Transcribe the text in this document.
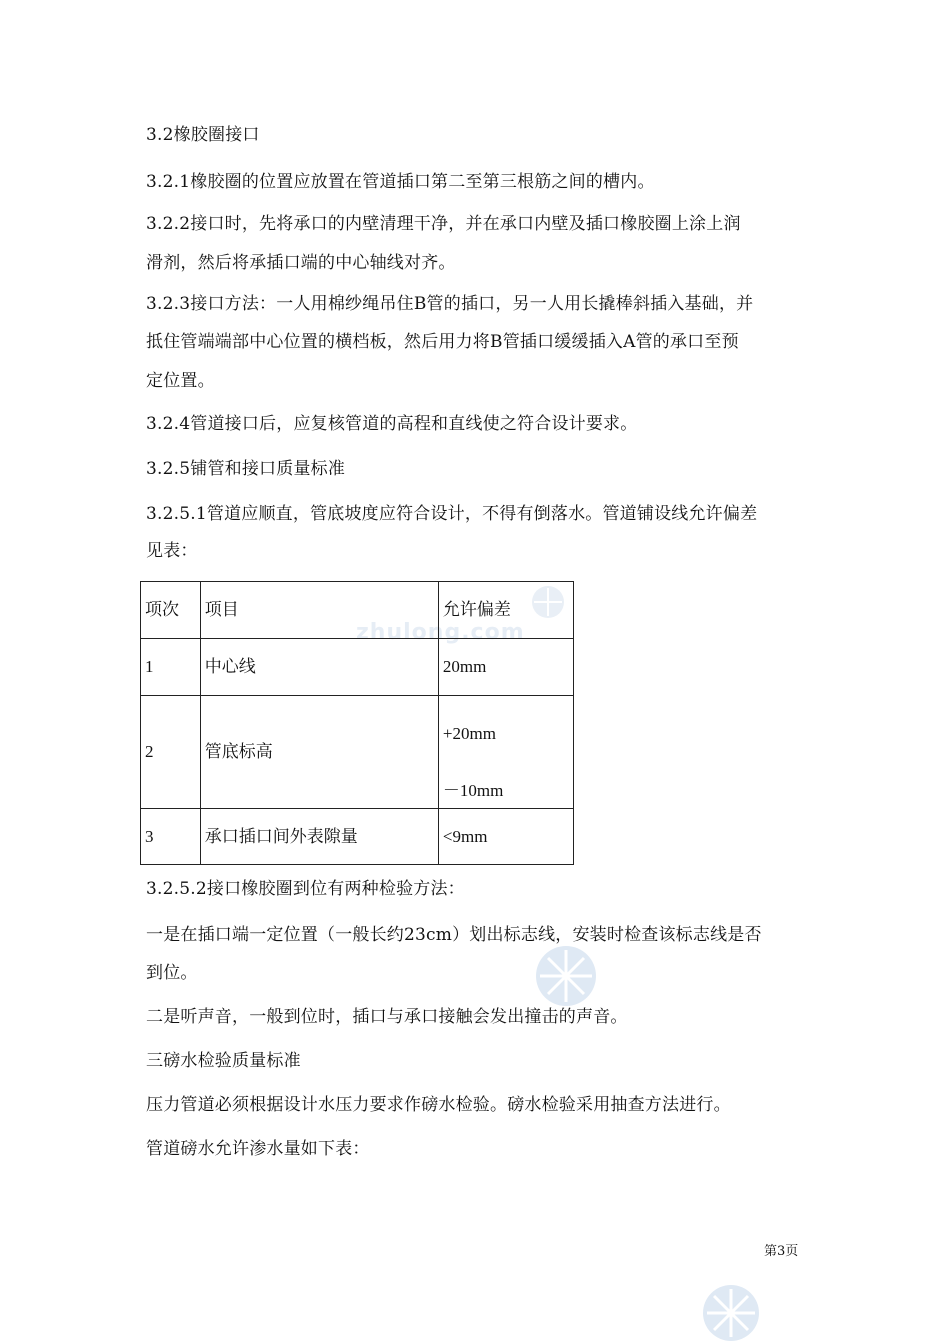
zhulong.com
3.2橡胶圈接口
3.2.1橡胶圈的位置应放置在管道插口第二至第三根筋之间的槽内。
3.2.2接口时，先将承口的内壁清理干净，并在承口内壁及插口橡胶圈上涂上润
滑剂，然后将承插口端的中心轴线对齐。
3.2.3接口方法：一人用棉纱绳吊住B管的插口，另一人用长撬棒斜插入基础，并
抵住管端端部中心位置的横档板，然后用力将B管插口缓缓插入A管的承口至预
定位置。
3.2.4管道接口后，应复核管道的高程和直线使之符合设计要求。
3.2.5铺管和接口质量标准
3.2.5.1管道应顺直，管底坡度应符合设计，不得有倒落水。管道铺设线允许偏差
见表：
项次	项目	允许偏差
1	中心线	20mm
2	管底标高	+20mm
－10mm

3	承口插口间外表隙量	<9mm
3.2.5.2接口橡胶圈到位有两种检验方法：
一是在插口端一定位置（一般长约23cm）划出标志线，安装时检查该标志线是否
到位。
二是听声音，一般到位时，插口与承口接触会发出撞击的声音。
三磅水检验质量标准
压力管道必须根据设计水压力要求作磅水检验。磅水检验采用抽查方法进行。
管道磅水允许渗水量如下表：
第3页
